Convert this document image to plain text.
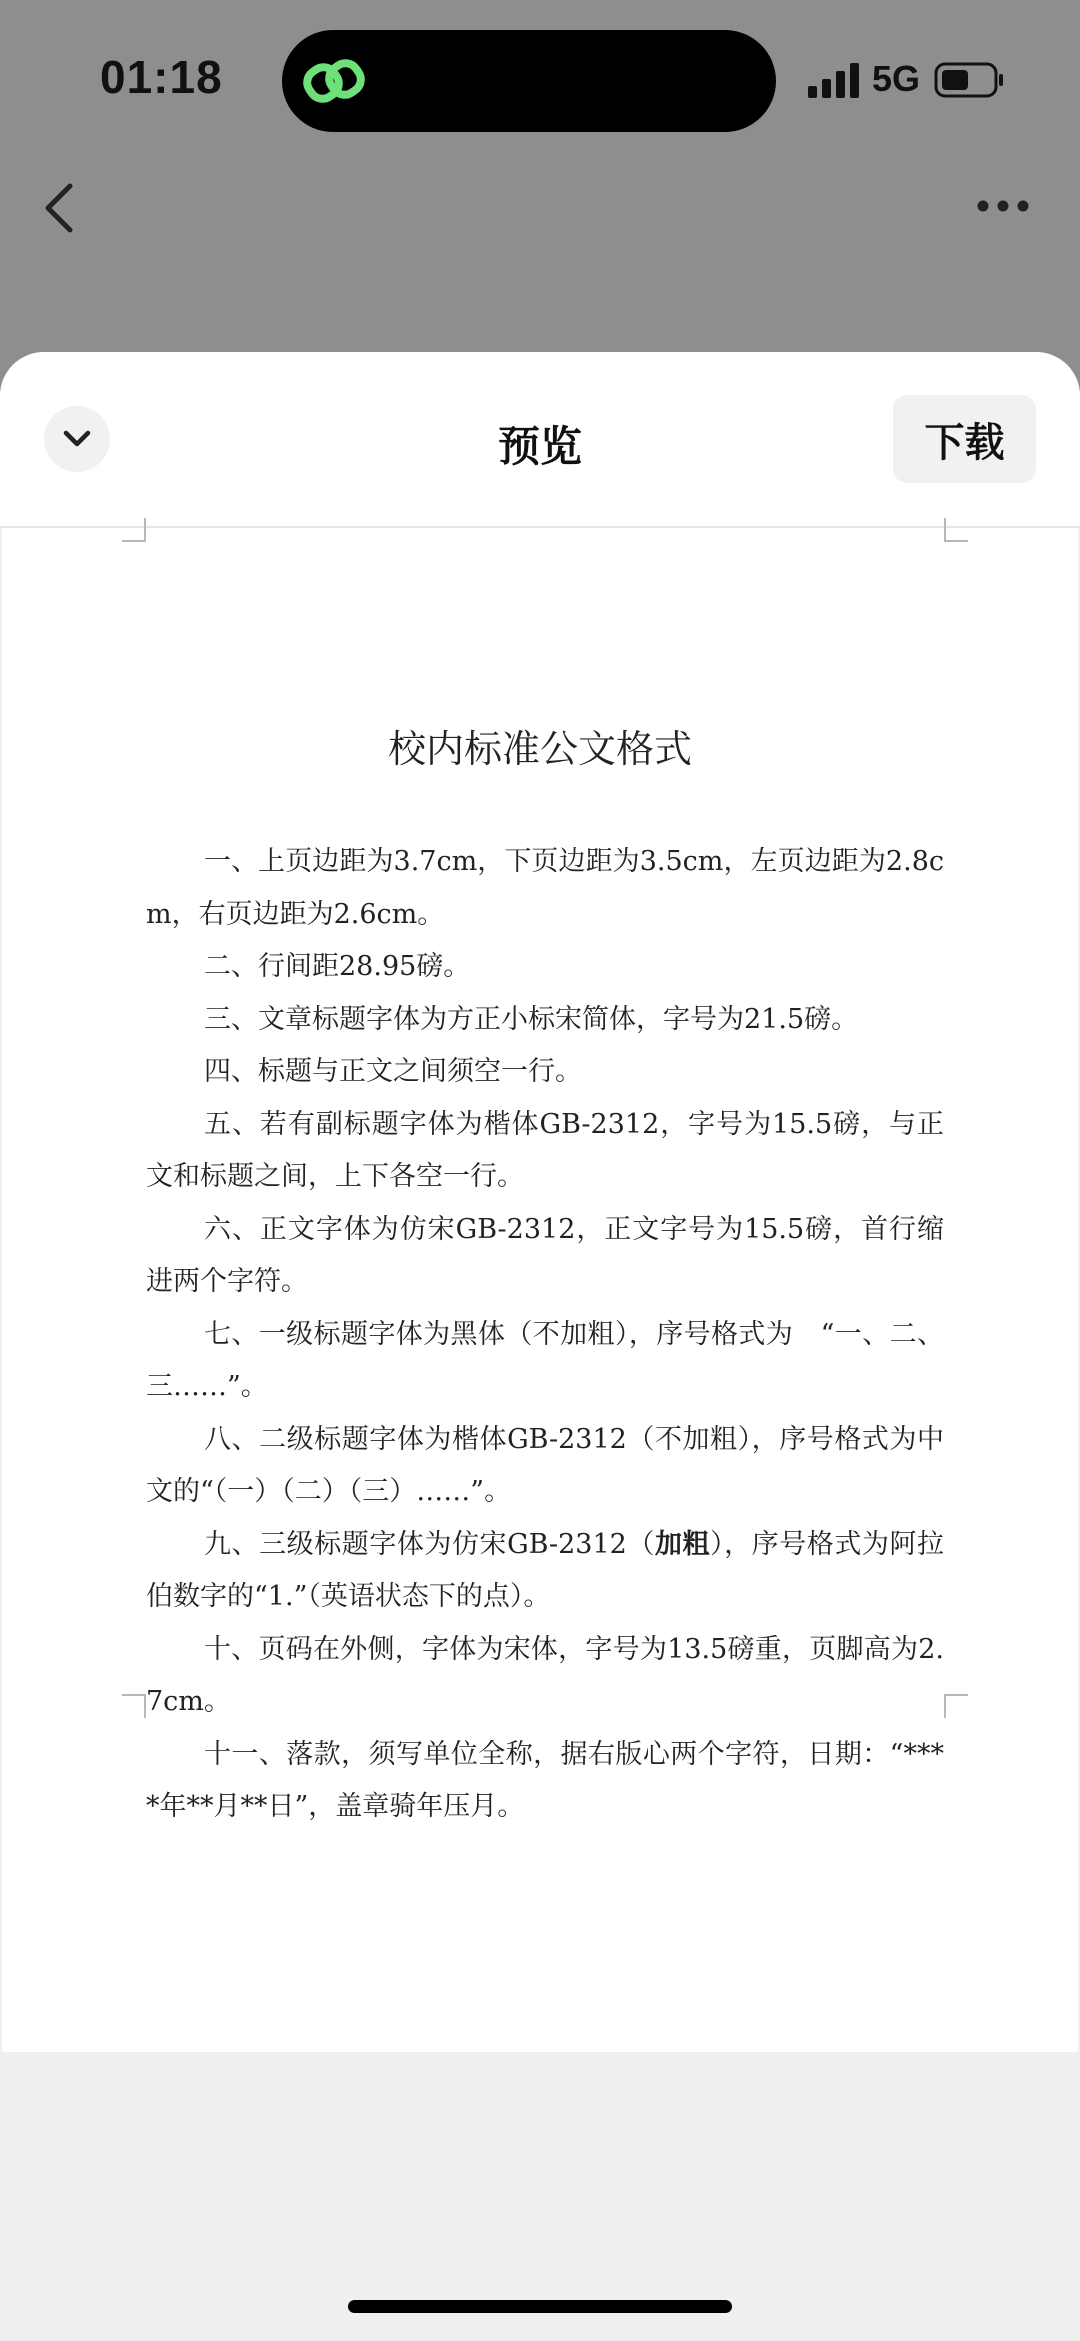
01:18	5G
预览	下载
校内标准公文格式

一、上页边距为3.7cm，下页边距为3.5cm，左页边距为2.8cm，右页边距为2.6cm。

二、行间距28.95磅。

三、文章标题字体为方正小标宋简体，字号为21.5磅。

四、标题与正文之间须空一行。

五、若有副标题字体为楷体GB-2312，字号为15.5磅，与正文和标题之间，上下各空一行。

六、正文字体为仿宋GB-2312，正文字号为15.5磅，首行缩进两个字符。

七、一级标题字体为黑体（不加粗），序号格式为　“一、二、三……”。

八、二级标题字体为楷体GB-2312（不加粗），序号格式为中文的“（一）（二）（三）……”。

九、三级标题字体为仿宋GB-2312（加粗），序号格式为阿拉伯数字的“1.”（英语状态下的点）。

十、页码在外侧，字体为宋体，字号为13.5磅重，页脚高为2.7cm。

十一、落款，须写单位全称，据右版心两个字符，日期：“****年**月**日”，盖章骑年压月。
